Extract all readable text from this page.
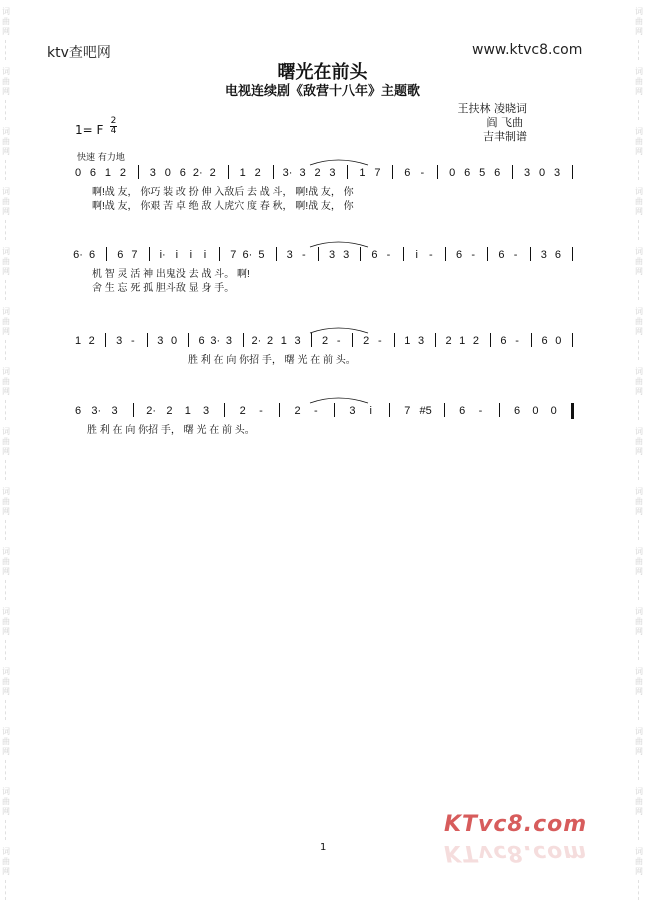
词
曲
网
词
曲
网
词
曲
网
词
曲
网
词
曲
网
词
曲
网
词
曲
网
词
曲
网
词
曲
网
词
曲
网
词
曲
网
词
曲
网
词
曲
网
词
曲
网
词
曲
网
词
曲
网
词
曲
网
词
曲
网
词
曲
网
词
曲
网
词
曲
网
词
曲
网
词
曲
网
词
曲
网
词
曲
网
词
曲
网
词
曲
网
词
曲
网
词
曲
网
词
曲
网
ktv查吧网	www.ktvc8.com
曙光在前头
电视连续剧《敌营十八年》主题歌
王扶林 凌晓词
阎 飞曲
吉聿制谱
1= F
2
4
快速 有力地
0 6 1 2 3 0 6 2· 2 1 2 3· 3 2 3 1 7 6 - 0 6 5 6 3 0 3
啊!战 友， 你巧 装 改 扮 伸 入敌后 去 战 斗， 啊!战 友， 你
啊!战 友， 你艰 苦 卓 绝 敌 人虎穴 度 春 秋， 啊!战 友， 你
6· 6 6 7 i· i i i 7 6· 5 3 - 3 3 6 - i - 6 - 6 - 3 6
机 智 灵 活 神 出鬼没 去 战 斗。 啊!
舍 生 忘 死 孤 胆斗敌 显 身 手。
1 2 3 - 3 0 6 3· 3 2· 2 1 3 2 - 2 - 1 3 2 1 2 6 - 6 0
胜 利 在 向 你招 手， 曙 光 在 前 头。
6 3· 3	2· 2 1 3	2 -	2 -	3 i	7 #5 6 -	6 0 0
胜 利 在 向 你招 手， 曙 光 在 前 头。
1
KTvc8.com
KTvc8.com
